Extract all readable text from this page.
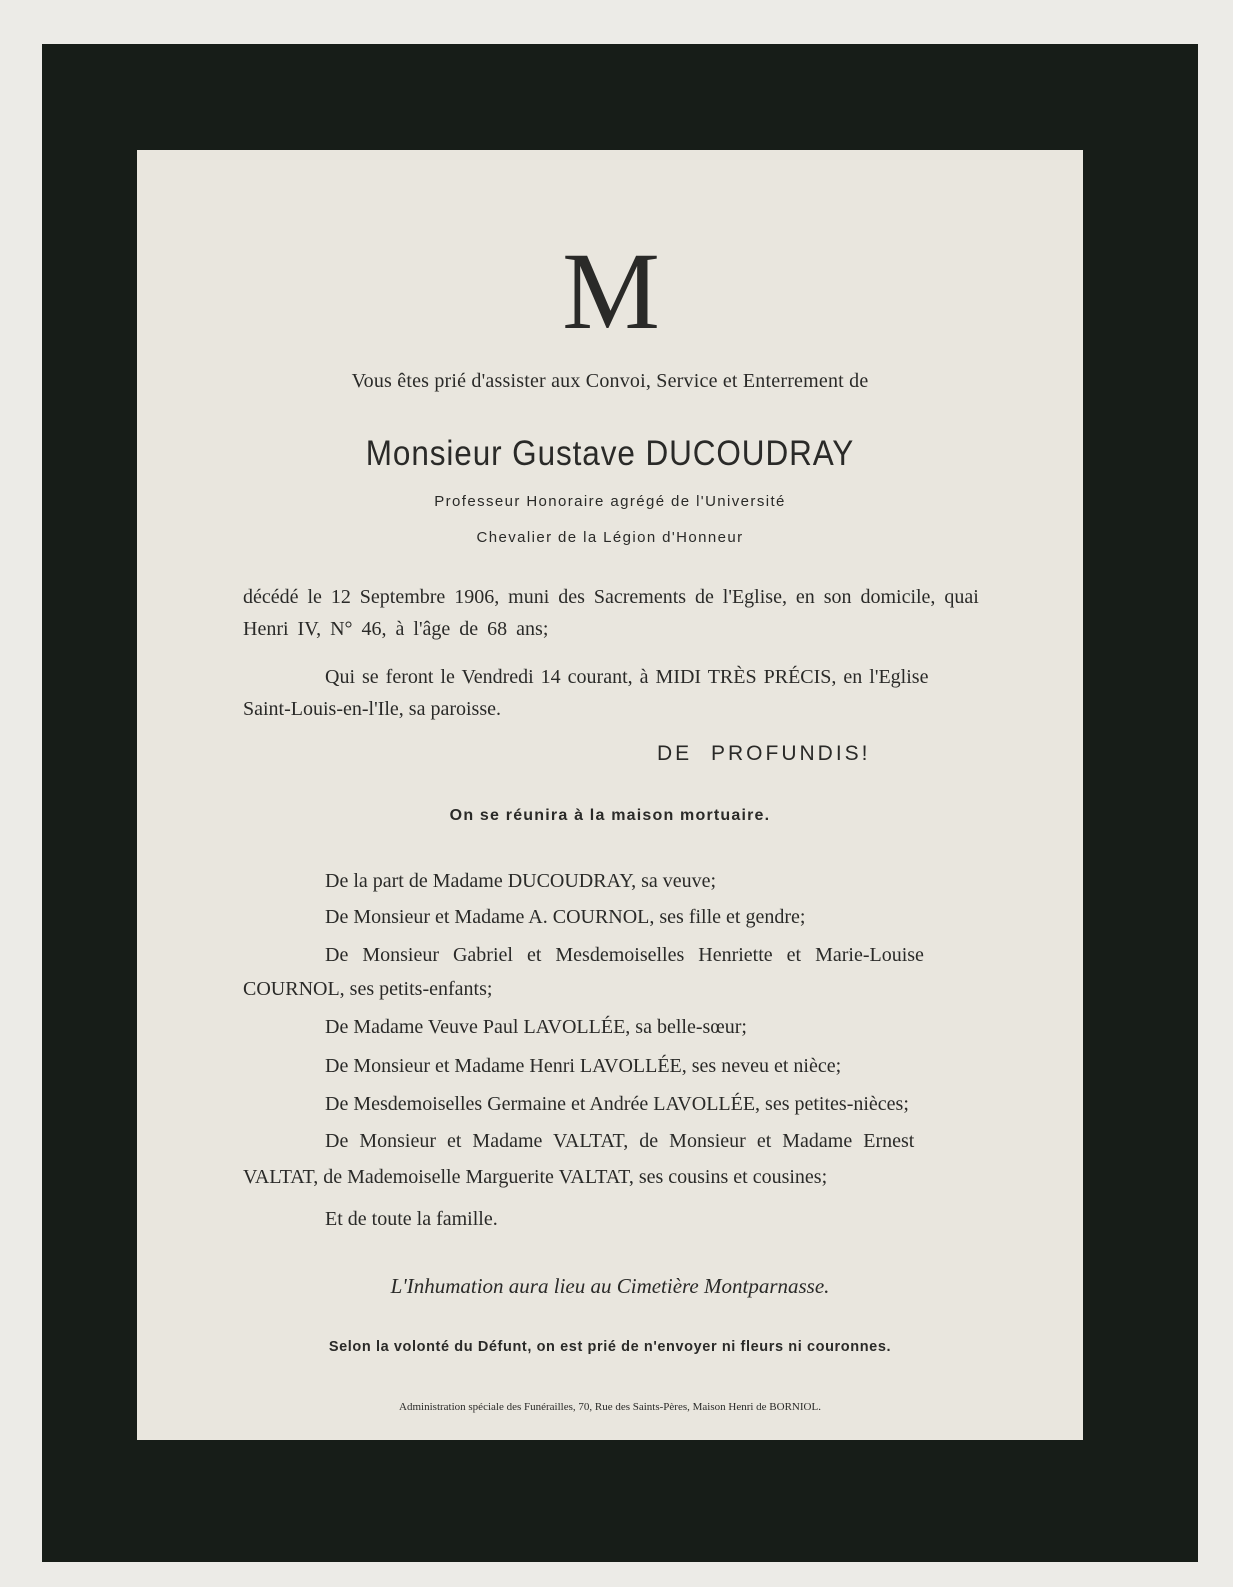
M
Vous êtes prié d'assister aux Convoi, Service et Enterrement de
Monsieur Gustave DUCOUDRAY
Professeur Honoraire agrégé de l'Université
Chevalier de la Légion d'Honneur
décédé le 12 Septembre 1906, muni des Sacrements de l'Eglise, en son domicile, quai
Henri IV, N° 46, à l'âge de 68 ans;
Qui se feront le Vendredi 14 courant, à MIDI TRÈS PRÉCIS, en l'Eglise
Saint-Louis-en-l'Ile, sa paroisse.
DE PROFUNDIS!
On se réunira à la maison mortuaire.
De la part de Madame DUCOUDRAY, sa veuve;
De Monsieur et Madame A. COURNOL, ses fille et gendre;
De Monsieur Gabriel et Mesdemoiselles Henriette et Marie-Louise
COURNOL, ses petits-enfants;
De Madame Veuve Paul LAVOLLÉE, sa belle-sœur;
De Monsieur et Madame Henri LAVOLLÉE, ses neveu et nièce;
De Mesdemoiselles Germaine et Andrée LAVOLLÉE, ses petites-nièces;
De Monsieur et Madame VALTAT, de Monsieur et Madame Ernest
VALTAT, de Mademoiselle Marguerite VALTAT, ses cousins et cousines;
Et de toute la famille.
L'Inhumation aura lieu au Cimetière Montparnasse.
Selon la volonté du Défunt, on est prié de n'envoyer ni fleurs ni couronnes.
Administration spéciale des Funérailles, 70, Rue des Saints-Pères, Maison Henri de BORNIOL.
